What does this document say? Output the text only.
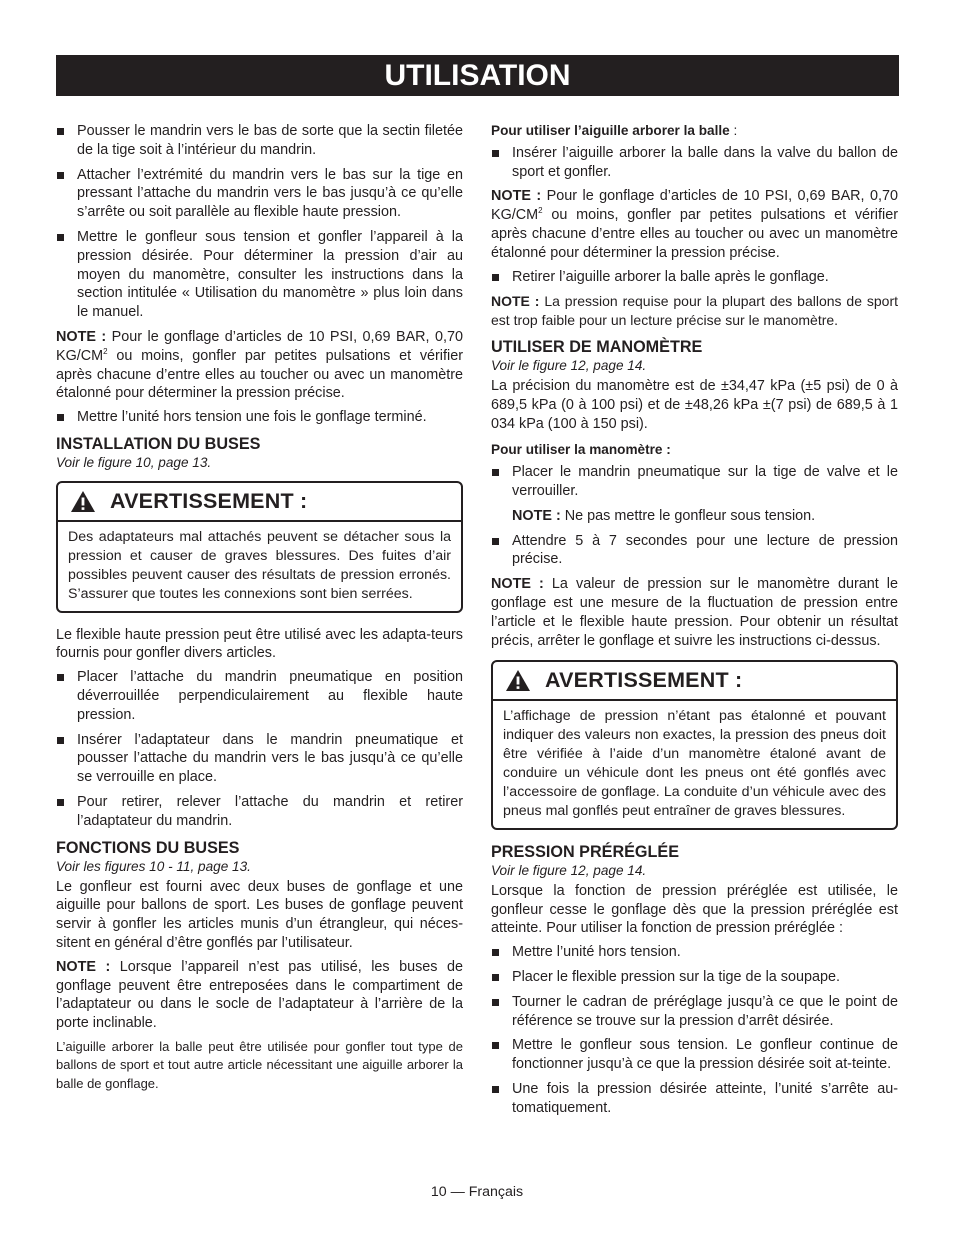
UTILISATION
Pousser le mandrin vers le bas de sorte que la sectin filetée de la tige soit à l’intérieur du mandrin.
Attacher l’extrémité du mandrin vers le bas sur la tige en pressant l’attache du mandrin vers le bas jusqu’à ce qu’elle s’arrête ou soit parallèle au flexible haute pression.
Mettre le gonfleur sous tension et gonfler l’appareil à la pression désirée. Pour déterminer la pression d’air au moyen du manomètre, consulter les instructions dans la section intitulée « Utilisation du manomètre » plus loin dans le manuel.

NOTE : Pour le gonflage d’articles de 10 PSI, 0,69 BAR, 0,70 $KG/CM^2$ ou moins, gonfler par petites pulsations et vérifier après chacune d’entre elles au toucher ou avec un manomètre étalonné pour déterminer la pression précise.

Mettre l’unité hors tension une fois le gonflage terminé.
INSTALLATION DU BUSES
Voir le figure 10, page 13.
AVERTISSEMENT :
Des adaptateurs mal attachés peuvent se détacher sous la pression et causer de graves blessures. Des fuites d’air possibles peuvent causer des résultats de pression erronés. S’assurer que toutes les connexions sont bien serrées.

Le flexible haute pression peut être utilisé avec les adapta-teurs fournis pour gonfler divers articles.

Placer l’attache du mandrin pneumatique en position déverrouillée perpendiculairement au flexible haute pression.
Insérer l’adaptateur dans le mandrin pneumatique et pousser l’attache du mandrin vers le bas jusqu’à ce qu’elle se verrouille en place.
Pour retirer, relever l’attache du mandrin et retirer l’adaptateur du mandrin.
FONCTIONS DU BUSES
Voir les figures 10 - 11, page 13.

Le gonfleur est fourni avec deux buses de gonflage et une aiguille pour ballons de sport. Les buses de gonflage peuvent servir à gonfler les articles munis d’un étrangleur, qui néces-sitent en général d’être gonflés par l’utilisateur.

NOTE : Lorsque l’appareil n’est pas utilisé, les buses de gonflage peuvent être entreposées dans le compartiment de l’adaptateur ou dans le socle de l’adaptateur à l’arrière de la porte inclinable.

L’aiguille arborer la balle peut être utilisée pour gonfler tout type de ballons de sport et tout autre article nécessitant une aiguille arborer la balle de gonflage.

Pour utiliser l’aiguille arborer la balle :
Insérer l’aiguille arborer la balle dans la valve du ballon de sport et gonfler.

NOTE : Pour le gonflage d’articles de 10 PSI, 0,69 BAR, 0,70 $KG/CM^2$ ou moins, gonfler par petites pulsations et vérifier après chacune d’entre elles au toucher ou avec un manomètre étalonné pour déterminer la pression précise.

Retirer l’aiguille arborer la balle après le gonflage.

NOTE : La pression requise pour la plupart des ballons de sport est trop faible pour un lecture précise sur le manomètre.

UTILISER DE MANOMÈTRE
Voir le figure 12, page 14.

La précision du manomètre est de ±34,47 kPa (±5 psi) de 0 à 689,5 kPa (0 à 100 psi) et de ±48,26 kPa ±(7 psi) de 689,5 à 1 034 kPa (100 à 150 psi).

Pour utiliser la manomètre :
Placer le mandrin pneumatique sur la tige de valve et le verrouiller.
NOTE : Ne pas mettre le gonfleur sous tension.
Attendre 5 à 7 secondes pour une lecture de pression précise.

NOTE : La valeur de pression sur le manomètre durant le gonflage est une mesure de la fluctuation de pression entre l’article et le flexible haute pression. Pour obtenir un résultat précis, arrêter le gonflage et suivre les instructions ci-dessus.

AVERTISSEMENT :
L’affichage de pression n’étant pas étalonné et pouvant indiquer des valeurs non exactes, la pression des pneus doit être vérifiée à l’aide d’un manomètre étaloné avant de conduire un véhicule dont les pneus ont été gonflés avec l’accessoire de gonflage. La conduite d’un véhicule avec des pneus mal gonflés peut entraîner de graves blessures.
PRESSION PRÉRÉGLÉE
Voir le figure 12, page 14.

Lorsque la fonction de pression préréglée est utilisée, le gonfleur cesse le gonflage dès que la pression préréglée est atteinte. Pour utiliser la fonction de pression préréglée :

Mettre l’unité hors tension.
Placer le flexible pression sur la tige de la soupape.
Tourner le cadran de préréglage jusqu’à ce que le point de référence se trouve sur la pression d’arrêt désirée.
Mettre le gonfleur sous tension. Le gonfleur continue de fonctionner jusqu’à ce que la pression désirée soit at-teinte.
Une fois la pression désirée atteinte, l’unité s’arrête au-tomatiquement.
10 — Français
